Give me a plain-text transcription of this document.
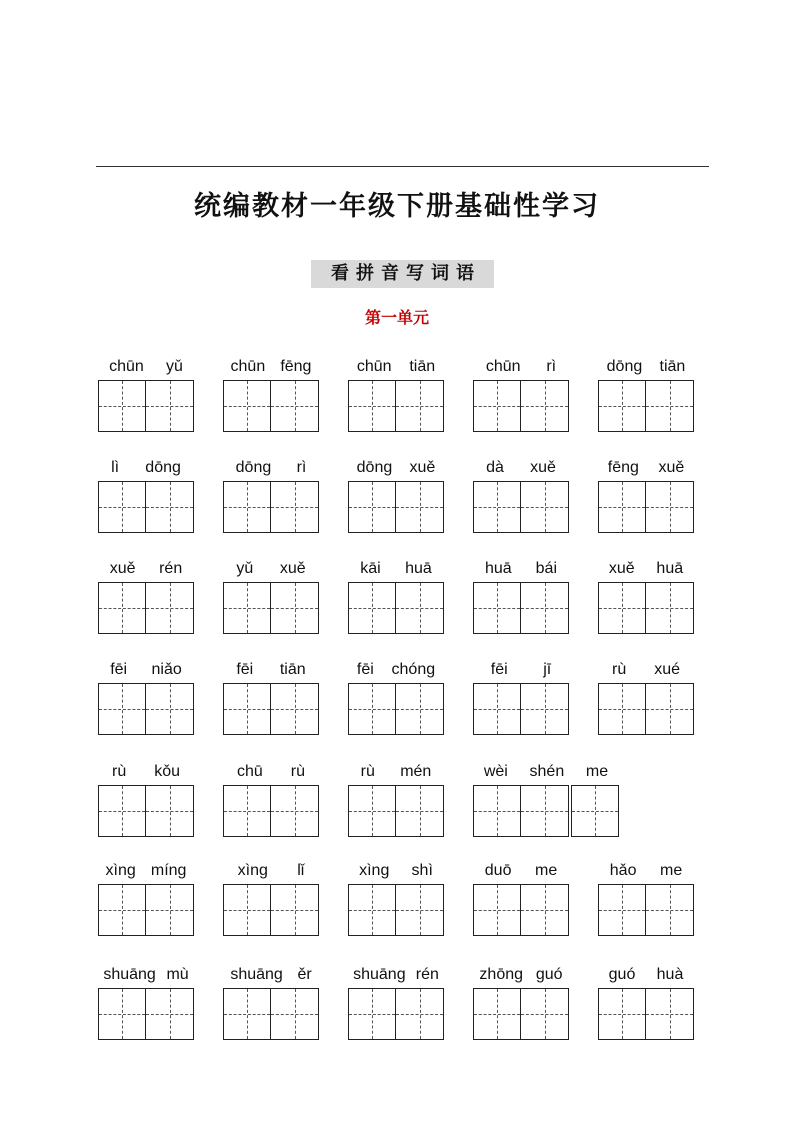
统编教材一年级下册基础性学习
看拼音写词语
第一单元
chūn yǔ	chūn fēng	chūn tiān	chūn rì	dōng tiān
lì dōng	dōng rì	dōng xuě	dà xuě	fēng xuě
xuě rén	yǔ xuě	kāi huā	huā bái	xuě huā
fēi niǎo	fēi tiān	fēi chóng	fēi jī	rù xué
rù kǒu	chū rù	rù mén	wèi shén me
xìng míng	xìng lǐ	xìng shì	duō me	hǎo me
shuāng mù	shuāng ěr	shuāng rén	zhōng guó	guó huà
